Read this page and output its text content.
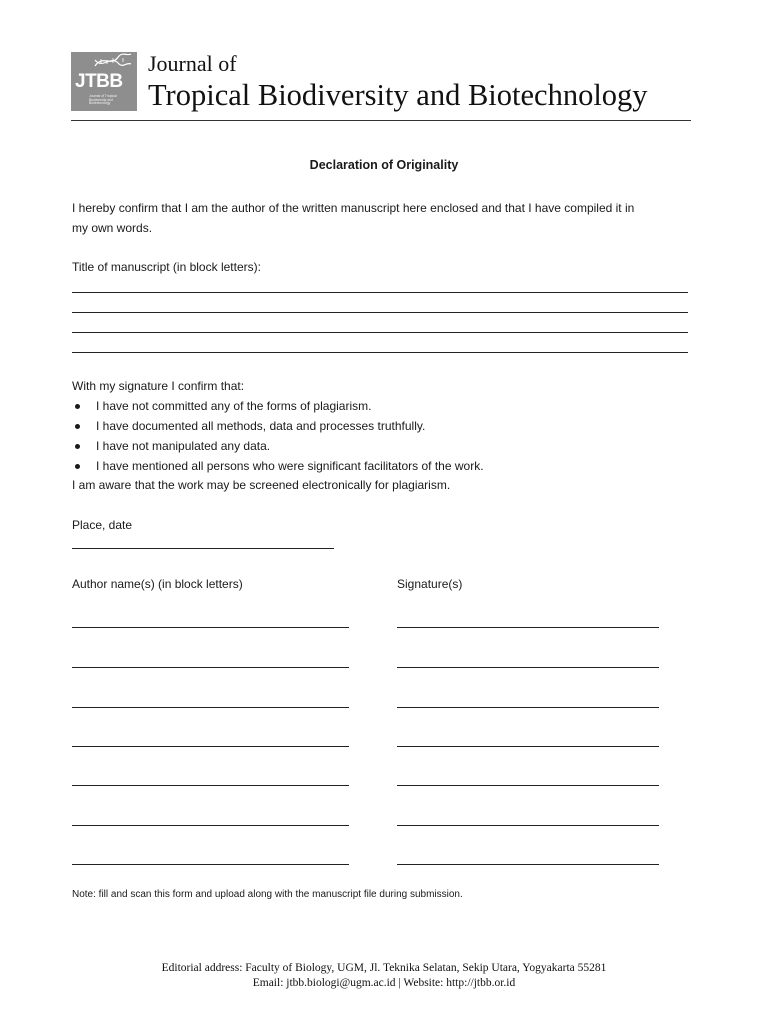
JTBB
Journal of Tropical Biodiversity and Biotechnology
Journal of
Tropical Biodiversity and Biotechnology
Declaration of Originality
I hereby confirm that I am the author of the written manuscript here enclosed and that I have compiled it in
my own words.
Title of manuscript (in block letters):
With my signature I confirm that:
I have not committed any of the forms of plagiarism.
I have documented all methods, data and processes truthfully.
I have not manipulated any data.
I have mentioned all persons who were significant facilitators of the work.
I am aware that the work may be screened electronically for plagiarism.
Place, date
Author name(s) (in block letters)	Signature(s)
Note: fill and scan this form and upload along with the manuscript file during submission.
Editorial address: Faculty of Biology, UGM, Jl. Teknika Selatan, Sekip Utara, Yogyakarta 55281
Email: jtbb.biologi@ugm.ac.id | Website: http://jtbb.or.id
